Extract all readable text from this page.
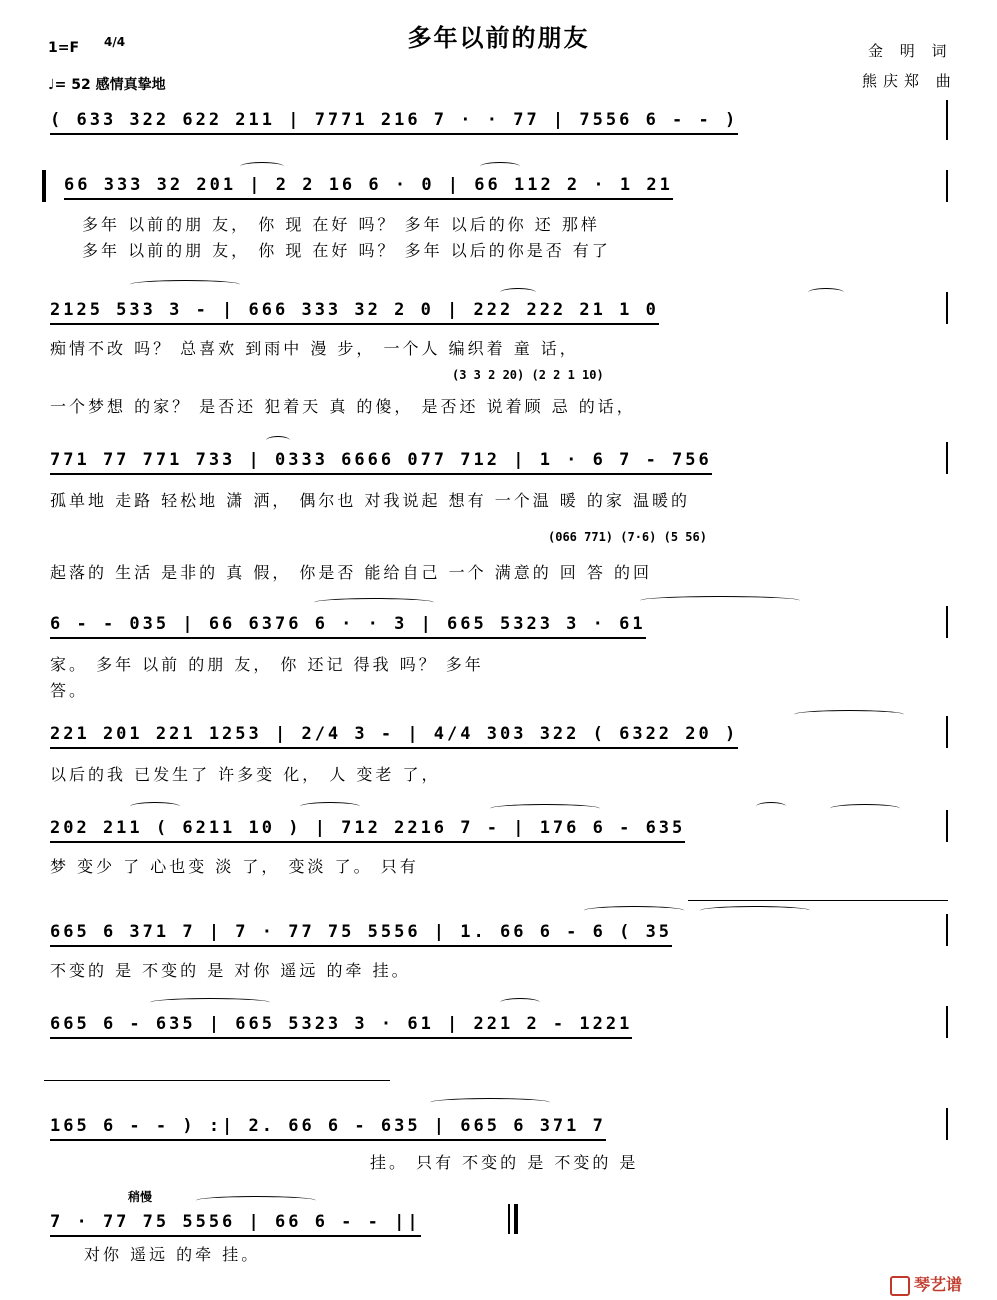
多年以前的朋友
1=F 4/4
♩= 52 感情真挚地
金 明 词
熊庆郑 曲
( 633 322 622 211 | 7771 216 7 · · 77 | 7556 6 - - )
66 333 32 201 | 2 2 16 6 · 0 | 66 112 2 · 1 21
多年 以前的朋 友， 你 现 在好 吗？ 多年 以后的你 还 那样
多年 以前的朋 友， 你 现 在好 吗？ 多年 以后的你是否 有了
2125 533 3 - | 666 333 32 2 0 | 222 222 21 1 0
痴情不改 吗？ 总喜欢 到雨中 漫 步， 一个人 编织着 童 话，
(3 3 2 20) (2 2 1 10)
一个梦想 的家？ 是否还 犯着天 真 的傻， 是否还 说着顾 忌 的话，
771 77 771 733 | 0333 6666 077 712 | 1 · 6 7 - 756
孤单地 走路 轻松地 潇 洒， 偶尔也 对我说起 想有 一个温 暖 的家 温暖的
(066 771) (7·6) (5 56)
起落的 生活 是非的 真 假， 你是否 能给自己 一个 满意的 回 答 的回
6 - - 035 | 66 6376 6 · · 3 | 665 5323 3 · 61
家。 多年 以前 的朋 友， 你 还记 得我 吗？ 多年
答。
221 201 221 1253 | 2/4 3 - | 4/4 303 322 ( 6322 20 )
以后的我 已发生了 许多变 化， 人 变老 了，
202 211 ( 6211 10 ) | 712 2216 7 - | 176 6 - 635
梦 变少 了 心也变 淡 了， 变淡 了。 只有
665 6 371 7 | 7 · 77 75 5556 | 1. 66 6 - 6 ( 35
不变的 是 不变的 是 对你 遥远 的牵 挂。
665 6 - 635 | 665 5323 3 · 61 | 221 2 - 1221
165 6 - - ) :| 2. 66 6 - 635 | 665 6 371 7
挂。 只有 不变的 是 不变的 是
稍慢
7 · 77 75 5556 | 66 6 - - ||
对你 遥远 的牵 挂。
琴艺谱
